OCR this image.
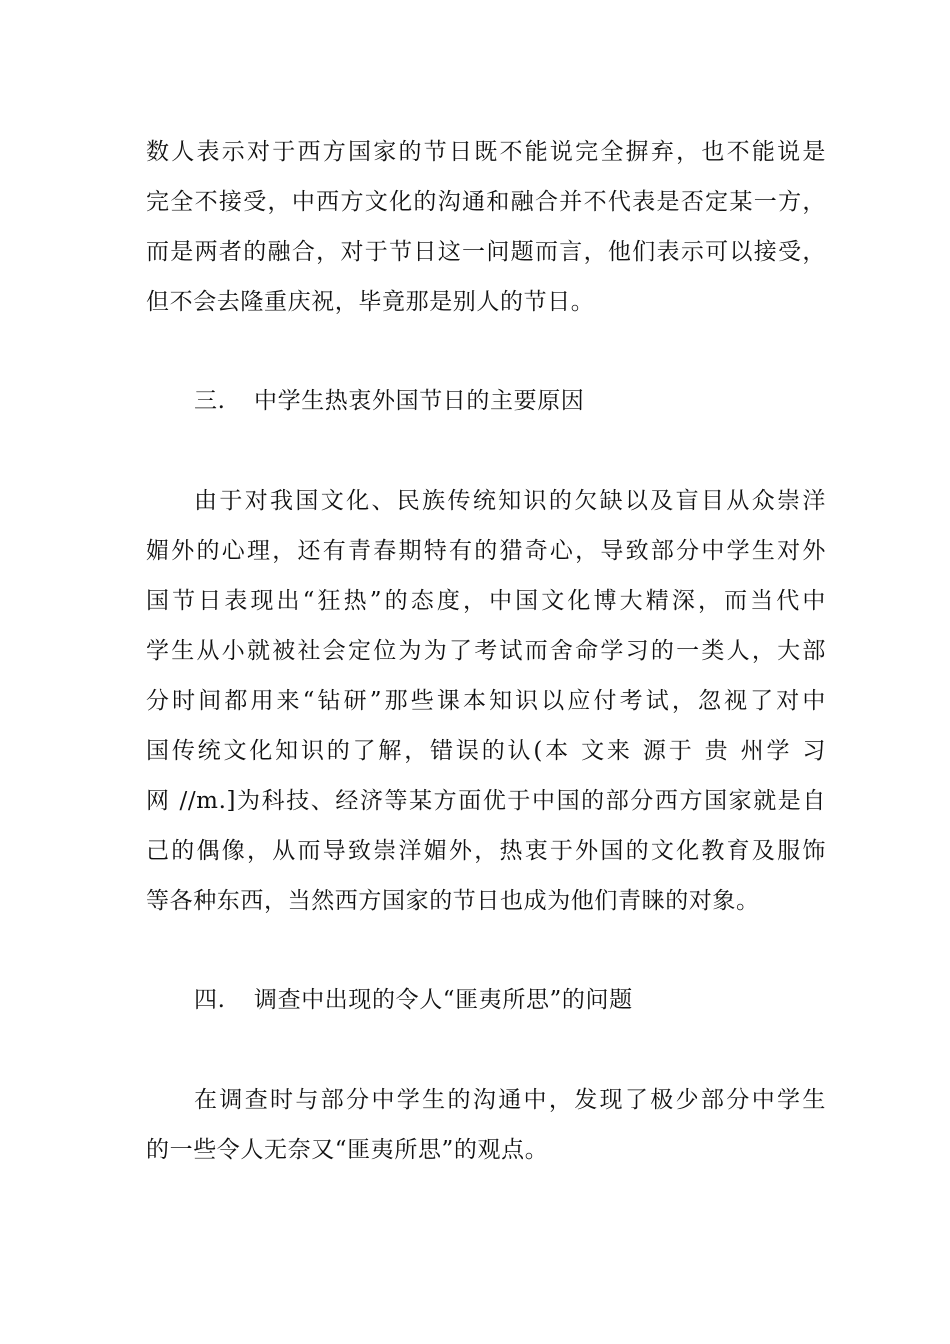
数人表示对于西方国家的节日既不能说完全摒弃，也不能说是
完全不接受，中西方文化的沟通和融合并不代表是否定某一方，
而是两者的融合，对于节日这一问题而言，他们表示可以接受，
但不会去隆重庆祝，毕竟那是别人的节日。
三. 中学生热衷外国节日的主要原因
由于对我国文化、民族传统知识的欠缺以及盲目从众崇洋
媚外的心理，还有青春期特有的猎奇心，导致部分中学生对外
国节日表现出“狂热”的态度，中国文化博大精深，而当代中
学生从小就被社会定位为为了考试而舍命学习的一类人，大部
分时间都用来“钻研”那些课本知识以应付考试，忽视了对中
国传统文化知识的了解，错误的认(本 文来 源于 贵 州学 习
网 //m.]为科技、经济等某方面优于中国的部分西方国家就是自
己的偶像，从而导致崇洋媚外，热衷于外国的文化教育及服饰
等各种东西，当然西方国家的节日也成为他们青睐的对象。
四. 调查中出现的令人“匪夷所思”的问题
在调查时与部分中学生的沟通中，发现了极少部分中学生
的一些令人无奈又“匪夷所思”的观点。
